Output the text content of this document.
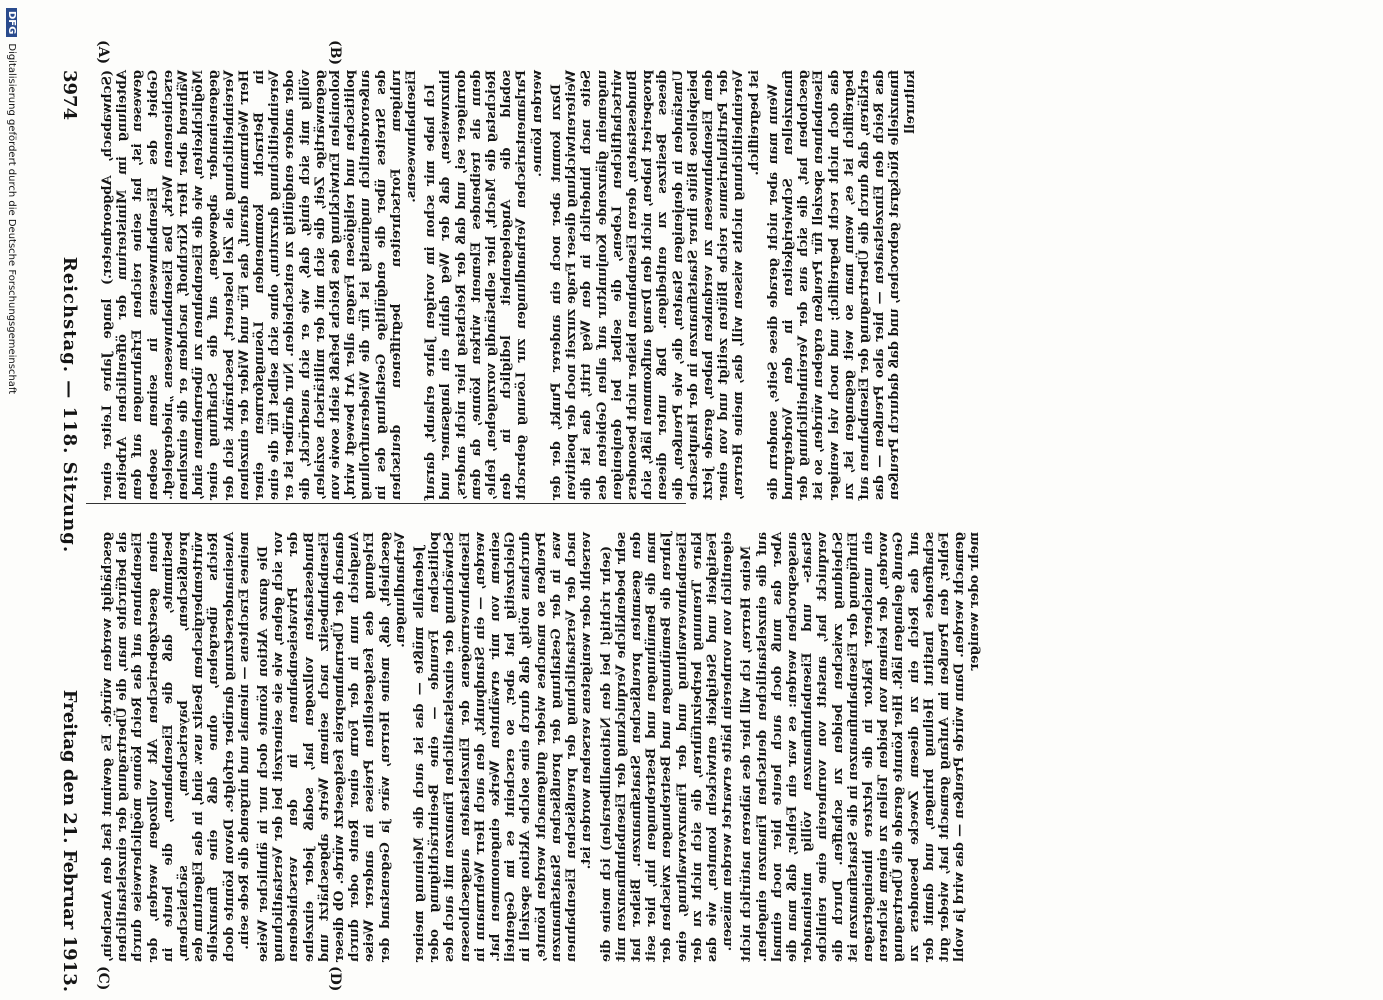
3974
Reichstag. — 118. Sitzung.
Freitag den 21. Februar 1913.
(A)	(B)
(C)	(D)

(Schwabach, Abgeordneter.) lange Jahre Leiter einer Abteilung im Ministerium der öffentlichen Arbeiten gewesen ist, hat seine reichen Erfahrungen auf dem Gebiet des Eisenbahnwesens in seinem soeben erschienenen Werk, Das Eisenbahnwesens „niedergelegt. Während aber Herr Kirchhoff, nachdem er die einzelnen Möglichkeiten, wie die Eisenbahnen zu übernehmen sind, gegeneinander abgewogen, auf die Schaffung einer Vereinheitlichung als Ziel losteuert, beschränkt sich der Herr Wehrmann darauf, das Für und Wider der einzelnen in Betracht kommenden Lösungsformen einer Vereinheitlichung darzutun, ohne sich selbst für die eine oder andere endgültig zu entscheiden. Nur darüber ist er völlig mit sich einig, daß, wie er sich ausdrückt, die gegenwärtige Zeit, die sich mit der militärisch sozialen, kolonialen Entwicklung des Reichs befaßt sieht sowie von politischen und religiösen Fragen aller Art bewegt wird, außerordentlich ungünstig ist für die Wiederaufrollung des Streites über die endgültige Gestaltung des in ruhigem Fortschreiten begriffenen deutschen Eisenbahnwesens. Ich habe mir schon im vorigen Jahre erlaubt, darauf hinzuweisen, daß der Weg dahin ein langsamer und dornigeer sei, und daß der Reichstag hier nicht anders, denn als treibendes Element wirken könne, da dem Reichstag die Macht, hier selbständig vorzugehen, fehle, sobald die Angelegenheit lediglich in den Parlamentarischen Verhandlungen zur Lösung gebracht werden könne. Dazu kommt aber noch ein anderer Punkt, der der Weiterentwicklung dieser Frage zurzeit noch der positiven Seite nach hinderlich in den Weg tritt, das ist die ungemein glänzende Konjunktur auf allen Gebieten des wirtschaftlichen Lebens, die selbst bei denjenigen Bundesstaaten, deren Eisenbahnen bisher nicht besonders prosperiert haben, nicht den Drang aufkommen läßt, sich dieses Besitzes zu entledigen. Daß unter diesen Umständen in denjenigen Staaten, die, wie Preußen, die beispiellose Blüte ihrer Staatsfinanzen in der Hauptsache dem Eisenbahnwesen zu verdanken haben, gerade jetzt der Partikularismus reiche Blüten zeitigt und von einer Vereinheitlichung nichts wissen will, das, meine Herren, ist begreiflich. Wenn man aber nicht gerade diese Seite, sondern die finanziellen Schwierigkeiten in den Vordergrund geschoben hat, die sich aus der Vereinheitlichung der Eisenbahnen speziell für Preußen ergeben würden, so ist das doch nicht recht begreiflich; und noch viel weniger begreiflich ist es, wenn man so weit gegangen ist, zu erklären, daß durch die Übertragung der Eisenbahnen auf das Reich den Einzelstaaten — hier also Preußen — das finanzielle Rückgrat gebrochen, und daß dadurch Preußen kulturell

geschädigt werden würde. Es gewinnt fast den Anschein, als befürchte man, die Übertragung der einzelstaatlichen Eisenbahnen auf das Reich könne möglicherweise durch einen gesetzgeberischen Akt vollzogen werden, der bestimmte, daß die Eisenbahnen, die heute in preußischem, bayerischem, sächsischem, württembergischem Besitz usw. sind, in das Eigentum des Reichs übergehen, ohne daß eine finanzielle Auseinandersetzung darüber erfolgte. Davon könnte doch meines Erachtens — niemals und nirgends die Rede sein. Die ganze Aktion könnte doch nur in ähnlicher Weise vor sich gehen, wie sie seinerzeit bei der Verstaatlichung der Privateisenbahnen in den verschiedenen Bundesstaaten vollzogen hat, sodaß jeder einzelne Eisenbahnbesitz nach seinem Werte abgeschätzt und danach der Übernahmepreis festgesetzt würde. Ob dieser Ausgleich nun in der Form einer Rente oder durch Erlegung des festgestellten Preises in anderer Weise geschieht, daß, meine Herren, wäre ja Gegenstand der Verhandlungen. Jedenfalls müßte — das ist auch die Meinung meiner politischen Freunde — eine Beeinträchtigung oder Schwächung der einzelstaatlichen Finanzen mit auch des Eisenbahnvermögens der Einzelstaaten ausgeschlossen werden, — ein Standpunkt, den auch Herr Wehrmann in seinem von mir erwähnten Werke eingenommen hat. Gleichzeitig hat aber, so erscheint es im Gegenteil durchaus nötig, daß durch eine solche Aktion speziell in Preußen so manches wieder gutgemacht werden könnte, was in der Gestaltung der preußischen Staatsfinanzen nach der Verstaatlichung der preußischen Eisenbahnen versehlt oder wenigstens versehen worden ist. (sehr richtig! bei den Nationalliberalen) ich meine die sehr bedenkliche Verquickung der Eisenbahnfinanzen mit den gesamten preußischen Staatsfinanzen. Bisher hat man die Bemühungen und Bestrebungen hin, hier seit Jahren die Bemühungen und Bestrebungen zwischen der Eisenbahnverwaltung und der Finanzverwaltung, eine klare Trennung herbeizuführen, die sich nicht zu der Festigkeit und Stetigkeit entwickeln konnten, wie das eigentlich von vornherein hätte erwartet werden müssen. Meine Herren, ich will hier des näheren natürlich nicht auf die einzelstaatlichen deutschen Finanzen eingehen. Aber das muß doch auch heute hier noch einmal ausgesprochen werden: es war ein Fehler, daß man die Staats- und Eisenbahnfinanzen völlig miteinander verquickt hat, anstatt von vornherein eine reinliche Scheidung zwischen beiden zu schaffen. Durch die Einfügung der Eisenbahnfinanzen in die Staatsfinanzen ist ein unsicherer Faktor in die letztere hineingetragen worden, der keinem von beiden Teilen zu einem sicheren Genuß gelangen läßt. Hier könnte gerade die Übertragung auf das Reich ein zu diesem Zwecke besonders zu schaffendes Institut Heilung bringen, und damit der Fehler, den Preußen im Anfang gemacht hat, wieder gut gemacht werden. Dann würde Preußen — das wird ja wohl mehr oder weniger

DFG
Digitalisierung gefördert durch die Deutsche Forschungsgemeinschaft
